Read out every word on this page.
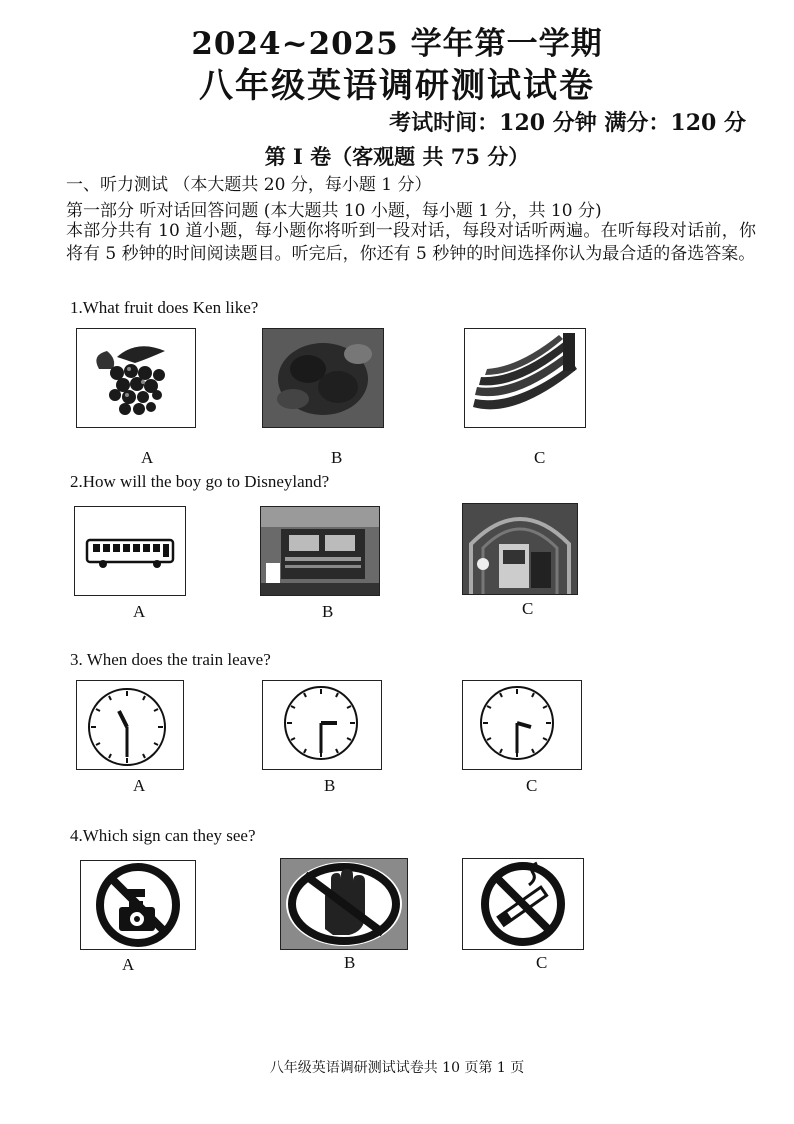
2024~2025 学年第一学期
八年级英语调研测试试卷
考试时间：120 分钟 满分：120 分
第 Ⅰ 卷（客观题 共 75 分）
一、听力测试 （本大题共 20 分，每小题 1 分）
第一部分 听对话回答问题 (本大题共 10 小题，每小题 1 分，共 10 分)
本部分共有 10 道小题，每小题你将听到一段对话，每段对话听两遍。在听每段对话前，你将有 5 秒钟的时间阅读题目。听完后，你还有 5 秒钟的时间选择你认为最合适的备选答案。
1.What fruit does Ken like?
A	B	C
2.How will the boy go to Disneyland?
A	B	C
3. When does the train leave?
A	B	C
4.Which sign can they see?
A	B	C
八年级英语调研测试试卷共 10 页第 1 页
